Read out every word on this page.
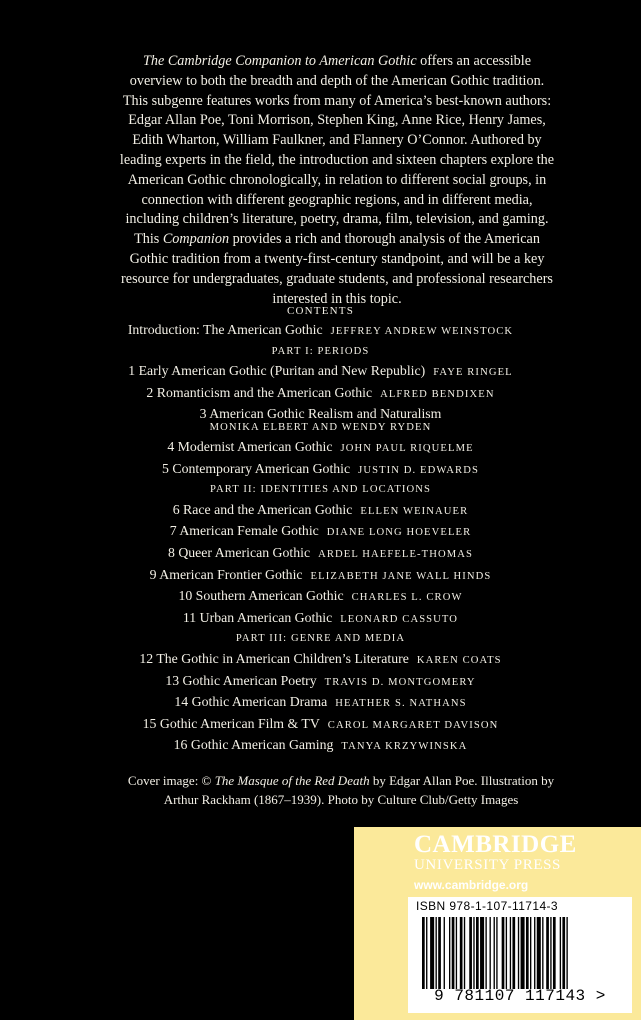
The Cambridge Companion to American Gothic offers an accessible overview to both the breadth and depth of the American Gothic tradition. This subgenre features works from many of America’s best-known authors: Edgar Allan Poe, Toni Morrison, Stephen King, Anne Rice, Henry James, Edith Wharton, William Faulkner, and Flannery O’Connor. Authored by leading experts in the field, the introduction and sixteen chapters explore the American Gothic chronologically, in relation to different social groups, in connection with different geographic regions, and in different media, including children’s literature, poetry, drama, film, television, and gaming. This Companion provides a rich and thorough analysis of the American Gothic tradition from a twenty-first-century standpoint, and will be a key resource for undergraduates, graduate students, and professional researchers interested in this topic.
CONTENTS
Introduction: The American Gothic JEFFREY ANDREW WEINSTOCK
PART I: PERIODS
1 Early American Gothic (Puritan and New Republic) FAYE RINGEL
2 Romanticism and the American Gothic ALFRED BENDIXEN
3 American Gothic Realism and Naturalism
MONIKA ELBERT AND WENDY RYDEN
4 Modernist American Gothic JOHN PAUL RIQUELME
5 Contemporary American Gothic JUSTIN D. EDWARDS
PART II: IDENTITIES AND LOCATIONS
6 Race and the American Gothic ELLEN WEINAUER
7 American Female Gothic DIANE LONG HOEVELER
8 Queer American Gothic ARDEL HAEFELE-THOMAS
9 American Frontier Gothic ELIZABETH JANE WALL HINDS
10 Southern American Gothic CHARLES L. CROW
11 Urban American Gothic LEONARD CASSUTO
PART III: GENRE AND MEDIA
12 The Gothic in American Children’s Literature KAREN COATS
13 Gothic American Poetry TRAVIS D. MONTGOMERY
14 Gothic American Drama HEATHER S. NATHANS
15 Gothic American Film & TV CAROL MARGARET DAVISON
16 Gothic American Gaming TANYA KRZYWINSKA
Cover image: © The Masque of the Red Death by Edgar Allan Poe. Illustration by Arthur Rackham (1867–1939). Photo by Culture Club/Getty Images
CAMBRIDGE
UNIVERSITY PRESS
www.cambridge.org
ISBN 978-1-107-11714-3
9 781107 117143 >
